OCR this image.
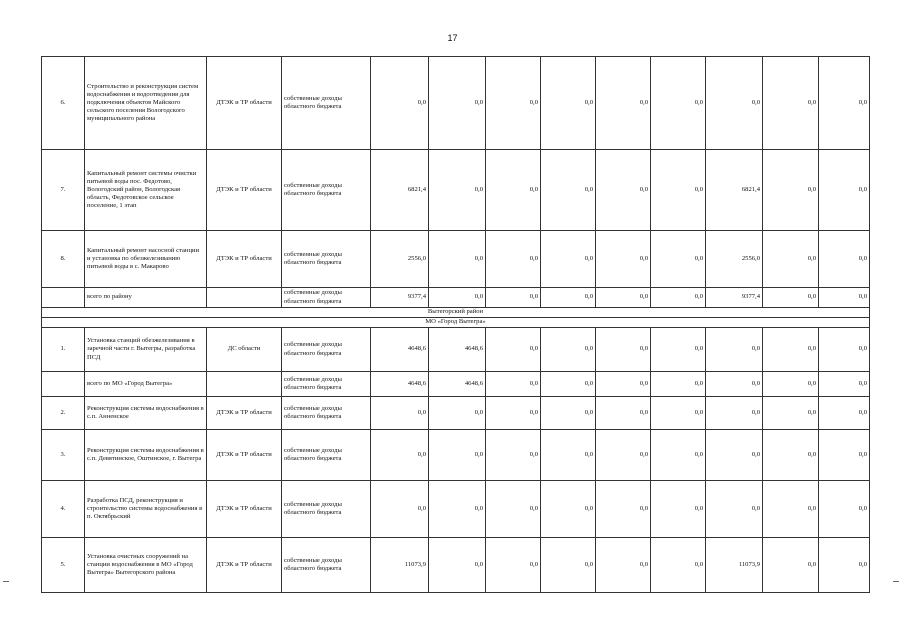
17
6.	Строительство и реконструкция систем водоснабжения и водоотведения для подключения объектов Майского сельского поселения Вологодского муниципального района	ДТЭК и ТР области	собственные доходы областного бюджета	0,0	0,0	0,0	0,0	0,0	0,0	0,0	0,0	0,0
7.	Капитальный ремонт системы очистки питьевой воды пос. Федотово, Вологодский район, Вологодская область, Федотовское сельское поселение, 1 этап	ДТЭК и ТР области	собственные доходы областного бюджета	6821,4	0,0	0,0	0,0	0,0	0,0	6821,4	0,0	0,0
8.	Капитальный ремонт насосной станции и установка по обезжелезиванию питьевой воды в с. Макарово	ДТЭК и ТР области	собственные доходы областного бюджета	2556,0	0,0	0,0	0,0	0,0	0,0	2556,0	0,0	0,0
	всего по району		собственные доходы областного бюджета	9377,4	0,0	0,0	0,0	0,0	0,0	9377,4	0,0	0,0
Вытегорский район												
МО «Город Вытегра»												
1.	Установка станций обезжелезивания в заречной части г. Вытегры, разработка ПСД	ДС области	собственные доходы областного бюджета	4648,6	4648,6	0,0	0,0	0,0	0,0	0,0	0,0	0,0
	всего по МО «Город Вытегра»		собственные доходы областного бюджета	4648,6	4648,6	0,0	0,0	0,0	0,0	0,0	0,0	0,0
2.	Реконструкция системы водоснабжения в с.п. Анненское	ДТЭК и ТР области	собственные доходы областного бюджета	0,0	0,0	0,0	0,0	0,0	0,0	0,0	0,0	0,0
3.	Реконструкция системы водоснабжения в с.п. Девятинское, Оштинское, г. Вытегра	ДТЭК и ТР области	собственные доходы областного бюджета	0,0	0,0	0,0	0,0	0,0	0,0	0,0	0,0	0,0
4.	Разработка ПСД, реконструкция и строительство системы водоснабжения в п. Октябрьский	ДТЭК и ТР области	собственные доходы областного бюджета	0,0	0,0	0,0	0,0	0,0	0,0	0,0	0,0	0,0
5.	Установка очистных сооружений на станции водоснабжения в МО «Город Вытегра» Вытегорского района	ДТЭК и ТР области	собственные доходы областного бюджета	11073,9	0,0	0,0	0,0	0,0	0,0	11073,9	0,0	0,0
